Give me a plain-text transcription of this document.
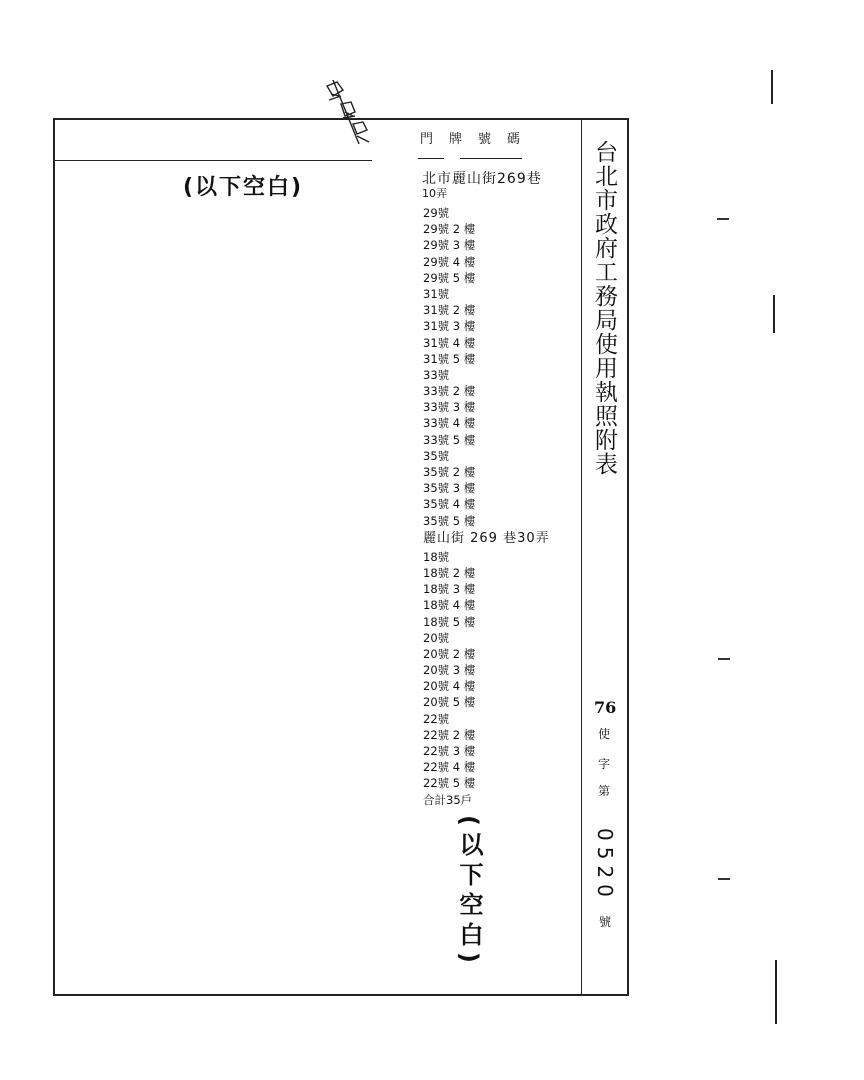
門牌號碼
(以下空白)	北市麗山街269巷
10弄
29號
29號 2 樓
29號 3 樓
29號 4 樓
29號 5 樓
31號
31號 2 樓
31號 3 樓
31號 4 樓
31號 5 樓
33號
33號 2 樓
33號 3 樓
33號 4 樓
33號 5 樓
35號
35號 2 樓
35號 3 樓
35號 4 樓
35號 5 樓
麗山街 269 巷30弄
18號
18號 2 樓
18號 3 樓
18號 4 樓
18號 5 樓
20號
20號 2 樓
20號 3 樓
20號 4 樓
20號 5 樓
22號
22號 2 樓
22號 3 樓
22號 4 樓
22號 5 樓
合計35戶
(以下空白)
台北市政府工務局使用執照附表
76
使
字
第
0520
號
